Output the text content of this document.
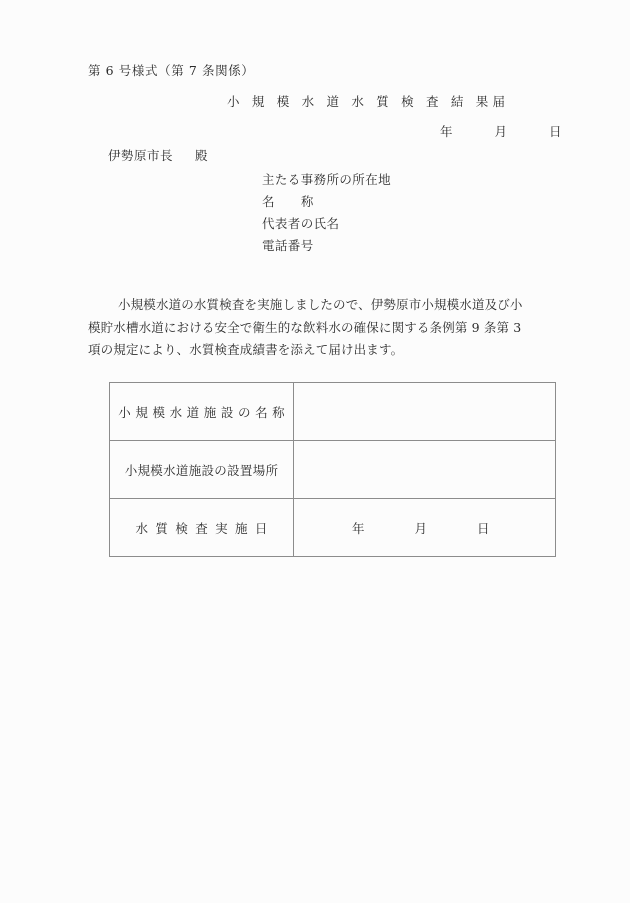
第 6 号様式（第 7 条関係）
小 規 模 水 道 水 質 検 査 結 果届
年	月	日
伊勢原市長 殿
主たる事務所の所在地
名 称
代表者の氏名
電話番号
小規模水道の水質検査を実施しましたので、伊勢原市小規模水道及び小
模貯水槽水道における安全で衛生的な飲料水の確保に関する条例第 9 条第 3
項の規定により、水質検査成績書を添えて届け出ます。
小規模水道施設の名称	
小規模水道施設の設置場所	
水質検査実施日	年 月 日
